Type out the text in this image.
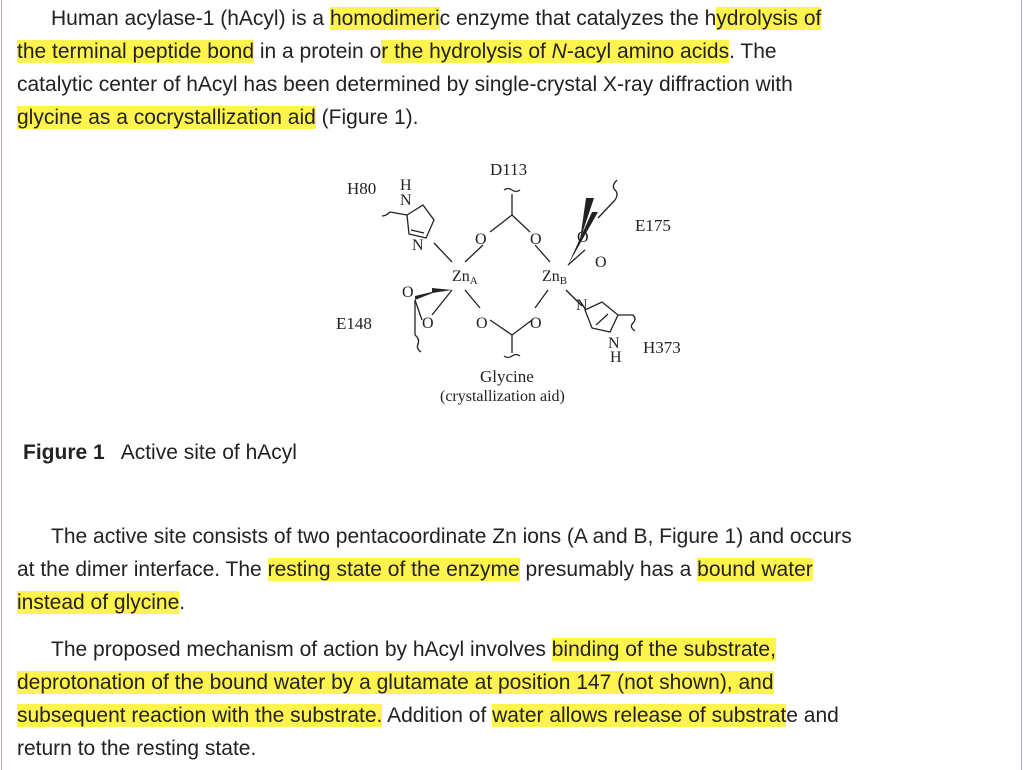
Human acylase-1 (hAcyl) is a homodimeric enzyme that catalyzes the hydrolysis of
the terminal peptide bond in a protein or the hydrolysis of N-acyl amino acids. The
catalytic center of hAcyl has been determined by single-crystal X-ray diffraction with
glycine as a cocrystallization aid (Figure 1).

D113
H80 H
N
N	O	O O
O
E175
ZnA	ZnB
O
O	O	O
E148
N
N
H
H373
Glycine
(crystallization aid)
Figure 1 Active site of hAcyl

The active site consists of two pentacoordinate Zn ions (A and B, Figure 1) and occurs
at the dimer interface. The resting state of the enzyme presumably has a bound water
instead of glycine.

The proposed mechanism of action by hAcyl involves binding of the substrate,
deprotonation of the bound water by a glutamate at position 147 (not shown), and
subsequent reaction with the substrate. Addition of water allows release of substrate and
return to the resting state.
